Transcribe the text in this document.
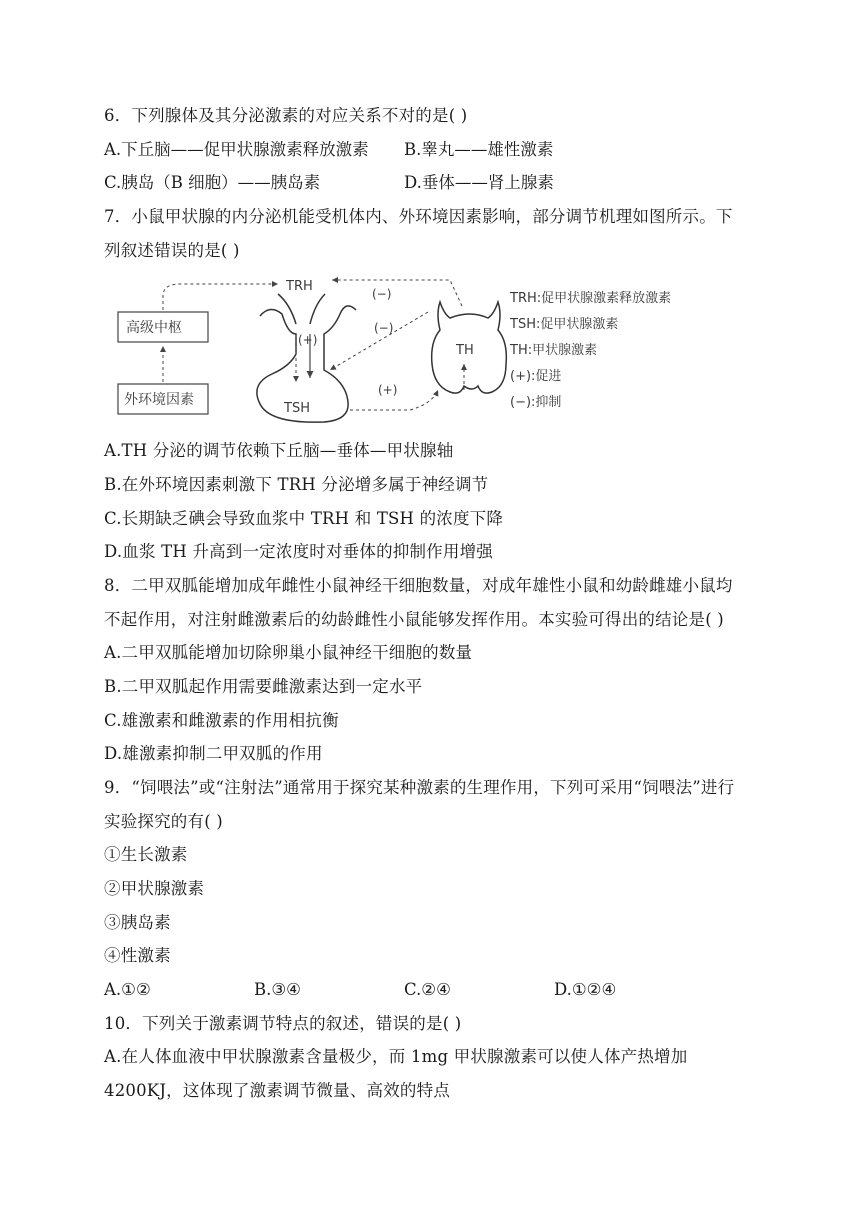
6．下列腺体及其分泌激素的对应关系不对的是( )
A.下丘脑——促甲状腺激素释放激素 B.睾丸——雄性激素
C.胰岛（B 细胞）——胰岛素	D.垂体——肾上腺素
7．小鼠甲状腺的内分泌机能受机体内、外环境因素影响，部分调节机理如图所示。下
列叙述错误的是( )
高级中枢
外环境因素
TRH
(+)
TSH
TH
(−)
(−)
(+)
TRH:促甲状腺激素释放激素
TSH:促甲状腺激素
TH:甲状腺激素
(+):促进
(−):抑制
A.TH 分泌的调节依赖下丘脑—垂体—甲状腺轴
B.在外环境因素刺激下 TRH 分泌增多属于神经调节
C.长期缺乏碘会导致血浆中 TRH 和 TSH 的浓度下降
D.血浆 TH 升高到一定浓度时对垂体的抑制作用增强
8．二甲双胍能增加成年雌性小鼠神经干细胞数量，对成年雄性小鼠和幼龄雌雄小鼠均
不起作用，对注射雌激素后的幼龄雌性小鼠能够发挥作用。本实验可得出的结论是( )
A.二甲双胍能增加切除卵巢小鼠神经干细胞的数量
B.二甲双胍起作用需要雌激素达到一定水平
C.雄激素和雌激素的作用相抗衡
D.雄激素抑制二甲双胍的作用
9．“饲喂法”或“注射法”通常用于探究某种激素的生理作用，下列可采用“饲喂法”进行
实验探究的有( )
①生长激素
②甲状腺激素
③胰岛素
④性激素
A.①②	B.③④	C.②④	D.①②④
10．下列关于激素调节特点的叙述，错误的是( )
A.在人体血液中甲状腺激素含量极少，而 1mg 甲状腺激素可以使人体产热增加
4200KJ，这体现了激素调节微量、高效的特点
